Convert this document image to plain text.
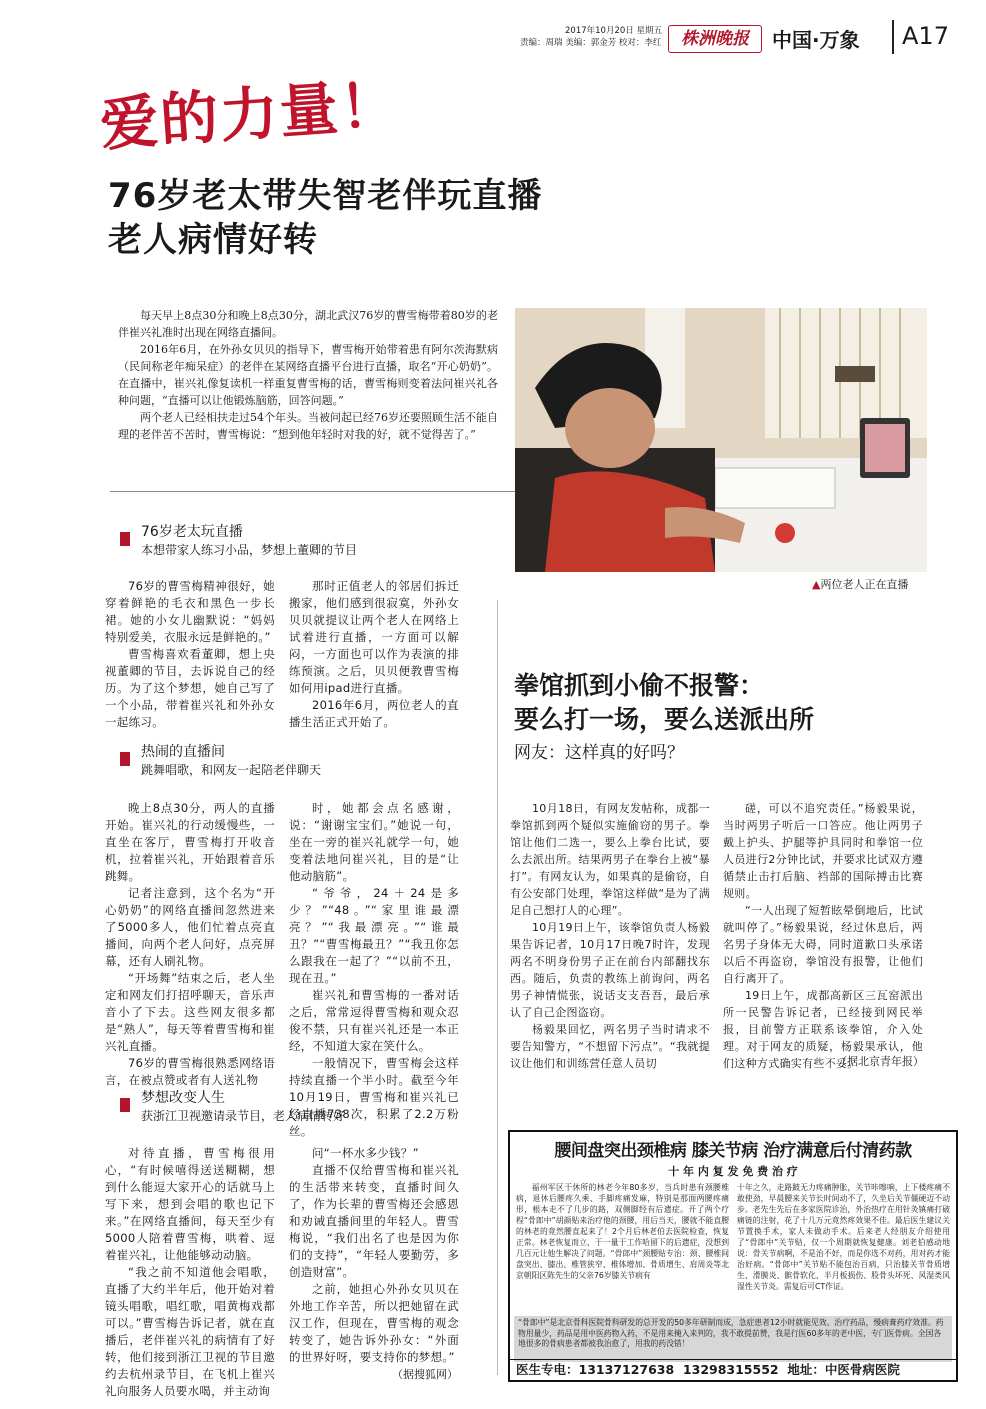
2017年10月20日 星期五
责编：周瑞 美编：郭金芳 校对：李红	株洲晚报	中国·万象 A17
爱的力量！
76岁老太带失智老伴玩直播
老人病情好转

每天早上8点30分和晚上8点30分，湖北武汉76岁的曹雪梅带着80岁的老伴崔兴礼准时出现在网络直播间。

2016年6月，在外孙女贝贝的指导下，曹雪梅开始带着患有阿尔茨海默病（民间称老年痴呆症）的老伴在某网络直播平台进行直播，取名“开心奶奶”。在直播中，崔兴礼像复读机一样重复曹雪梅的话，曹雪梅则变着法问崔兴礼各种问题，“直播可以让他锻炼脑筋，回答问题。”

两个老人已经相扶走过54个年头。当被问起已经76岁还要照顾生活不能自理的老伴苦不苦时，曹雪梅说：“想到他年轻时对我的好，就不觉得苦了。”

▲两位老人正在直播
76岁老太玩直播
本想带家人练习小品，梦想上董卿的节目

76岁的曹雪梅精神很好，她穿着鲜艳的毛衣和黑色一步长裙。她的小女儿幽默说：“妈妈特别爱美，衣服永远是鲜艳的。”

曹雪梅喜欢看董卿，想上央视董卿的节目，去诉说自己的经历。为了这个梦想，她自己写了一个小品，带着崔兴礼和外孙女一起练习。

那时正值老人的邻居们拆迁搬家，他们感到很寂寞，外孙女贝贝就提议让两个老人在网络上试着进行直播，一方面可以解闷，一方面也可以作为表演的排练预演。之后，贝贝便教曹雪梅如何用ipad进行直播。

2016年6月，两位老人的直播生活正式开始了。

热闹的直播间
跳舞唱歌，和网友一起陪老伴聊天

晚上8点30分，两人的直播开始。崔兴礼的行动缓慢些，一直坐在客厅，曹雪梅打开收音机，拉着崔兴礼，开始跟着音乐跳舞。

记者注意到，这个名为“开心奶奶”的网络直播间忽然进来了5000多人，他们忙着点亮直播间，向两个老人问好，点亮屏幕，还有人刷礼物。

“开场舞”结束之后，老人坐定和网友们打招呼聊天，音乐声音小了下去。这些网友很多都是“熟人”，每天等着曹雪梅和崔兴礼直播。

76岁的曹雪梅很熟悉网络语言，在被点赞或者有人送礼物

时，她都会点名感谢，说：“谢谢宝宝们。”她说一句，坐在一旁的崔兴礼就学一句，她变着法地问崔兴礼，目的是“让他动脑筋”。

“爷爷，24＋24是多少？”“48。”“家里谁最漂亮？”“我最漂亮。”“谁最丑？”“曹雪梅最丑？”“我丑你怎么跟我在一起了？”“以前不丑，现在丑。”

崔兴礼和曹雪梅的一番对话之后，常常逗得曹雪梅和观众忍俊不禁，只有崔兴礼还是一本正经，不知道大家在笑什么。

一般情况下，曹雪梅会这样持续直播一个半小时。截至今年10月19日，曹雪梅和崔兴礼已经直播738次，积累了2.2万粉丝。

梦想改变人生
获浙江卫视邀请录节目，老人病情转好

对待直播，曹雪梅很用心，“有时候嘻得送送糊糊，想到什么能逗大家开心的话就马上写下来，想到会唱的歌也记下来。”在网络直播间，每天至少有5000人陪着曹雪梅，哄着、逗着崔兴礼，让他能够动动脑。

“我之前不知道他会唱歌，直播了大约半年后，他开始对着镜头唱歌，唱红歌，唱黄梅戏都可以。”曹雪梅告诉记者，就在直播后，老伴崔兴礼的病情有了好转，他们接到浙江卫视的节目邀约去杭州录节目，在飞机上崔兴礼向服务人员要水喝，并主动询

问“一杯水多少钱？”

直播不仅给曹雪梅和崔兴礼的生活带来转变，直播时间久了，作为长辈的曹雪梅还会感恩和劝诫直播间里的年轻人。曹雪梅说，“我们出名了也是因为你们的支持”，“年轻人要勤劳，多创造财富”。

之前，她担心外孙女贝贝在外地工作辛苦，所以把她留在武汉工作，但现在，曹雪梅的观念转变了，她告诉外孙女：“外面的世界好呀，要支持你的梦想。”

（据搜狐网）
拳馆抓到小偷不报警：
要么打一场，要么送派出所
网友：这样真的好吗？

10月18日，有网友发帖称，成都一拳馆抓到两个疑似实施偷窃的男子。拳馆让他们二选一，要么上拳台比试，要么去派出所。结果两男子在拳台上被“暴打”。有网友认为，如果真的是偷窃，自有公安部门处理，拳馆这样做“是为了满足自己想打人的心理”。

10月19日上午，该拳馆负责人杨毅果告诉记者，10月17日晚7时许，发现两名不明身份男子正在前台内部翻找东西。随后，负责的教练上前询问，两名男子神情慌张，说话支支吾吾，最后承认了自己企图盗窃。

杨毅果回忆，两名男子当时请求不要告知警方，“不想留下污点”。“我就提议让他们和训练营任意人员切

磋，可以不追究责任。”杨毅果说，当时两男子听后一口答应。他让两男子戴上护头、护腿等护具同时和拳馆一位人员进行2分钟比试，并要求比试双方遵循禁止击打后脑、裆部的国际搏击比赛规则。

“一人出现了短暂眩晕倒地后，比试就叫停了。”杨毅果说，经过休息后，两名男子身体无大碍，同时道歉口头承诺以后不再盗窃，拳馆没有报警，让他们自行离开了。

19日上午，成都高新区三瓦窑派出所一民警告诉记者，已经接到网民举报，目前警方正联系该拳馆，介入处理。对于网友的质疑，杨毅果承认，他们这种方式确实有些不妥。

（据北京青年报）
腰间盘突出颈椎病 膝关节病 治疗满意后付清药款
十 年 内 复 发 免 费 治 疗
福州军区干休所的林老今年80多岁，当兵时患有颈腰椎病，退休后腰疼久乘、手脚疼痛发麻，特别是那面两腰疼痛形，根本走不了几步的路，双侧脚经有后遗症。开了两个疗程“骨郎中”胡颜贴来治疗他的颈腰，用后当天，腰就不能直腰的林老的竟然腰直起来了！2个月后林老伯去医院检查，恢复正常。林老恢复而立，于一量于工作哈留下的后遗症，没想到几百元让他生解决了问题。“骨郎中”颈腰贴专治：颈、腰椎间盘突出、膝出、椎管狭窄、椎体增加、骨质增生、肩周炎等北京朝阳区陈先生的父亲76岁膝关节病有
十年之久，走路跛无力疼痛肿胀，关节咔嚓响，上下楼疼痛不敢使劲，早晨腰来关节长时间动不了，久坐后关节僵硬迈不动步。老先生先后在多家医院诊治，外治热疗在用针灸镇痛打破痛链的注射，花了十几万元竟然疼效果不佳。最后医生建议关节置换手术，家人未做动手术。后来老人经朋友介绍使用了“骨郎中”关节贴，仅一个周期就恢复健康。刘老伯感动地说：骨关节病啊，不是治不好，而是你选不对药，用对药才能治好病。“骨郎中”关节贴不能包治百病，只治膝关节骨质增生、滑膜炎、髌骨软化、半月板损伤、股骨头坏死、风湿类风湿性关节炎。需复后可CT作证。
“骨郎中”是北京骨科医院骨科研发的总开发的50多年研制而成，急症患者12小时就能见效。治疗药品，慢病膏药疗效准。药物用量少，药品是用中医药物入药，不是用来掩入来判的，我不敢提前赞，我是行医60多年的老中医，专门医骨病。全国各地很多的骨病患者都被我治愈了，用我的药没错！
医生专电：13137127638 13298315552 地址：中医骨病医院
